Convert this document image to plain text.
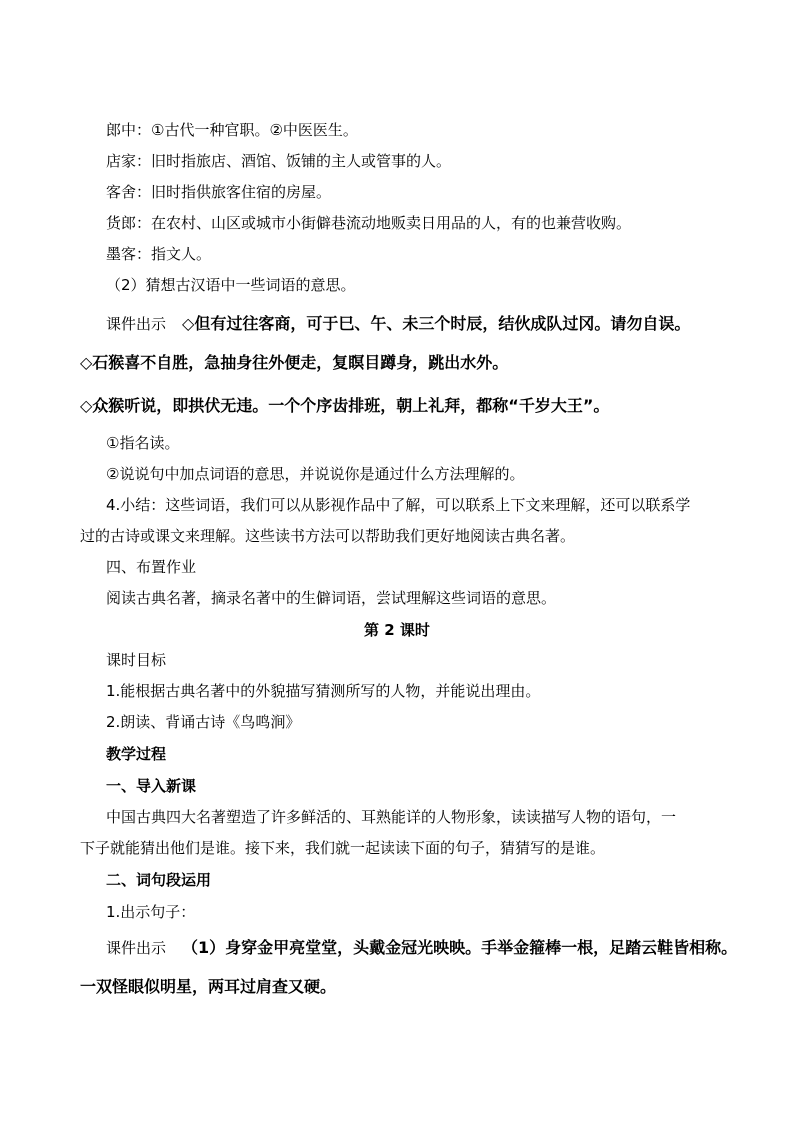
郎中：①古代一种官职。②中医医生。
店家：旧时指旅店、酒馆、饭铺的主人或管事的人。
客舍：旧时指供旅客住宿的房屋。
货郎：在农村、山区或城市小街僻巷流动地贩卖日用品的人，有的也兼营收购。
墨客：指文人。
（2）猜想古汉语中一些词语的意思。
课件出示 ◇但有过往客商，可于巳、午、未三个时辰，结伙成队过冈。请勿自误。
◇石猴喜不自胜，急抽身往外便走，复瞑目蹲身，跳出水外。
◇众猴听说，即拱伏无违。一个个序齿排班，朝上礼拜，都称“千岁大王”。
①指名读。
②说说句中加点词语的意思，并说说你是通过什么方法理解的。
4.小结：这些词语，我们可以从影视作品中了解，可以联系上下文来理解，还可以联系学
过的古诗或课文来理解。这些读书方法可以帮助我们更好地阅读古典名著。
四、布置作业
阅读古典名著，摘录名著中的生僻词语，尝试理解这些词语的意思。
第 2 课时
课时目标
1.能根据古典名著中的外貌描写猜测所写的人物，并能说出理由。
2.朗读、背诵古诗《鸟鸣涧》
教学过程
一、导入新课
中国古典四大名著塑造了许多鲜活的、耳熟能详的人物形象，读读描写人物的语句，一
下子就能猜出他们是谁。接下来，我们就一起读读下面的句子，猜猜写的是谁。
二、词句段运用
1.出示句子：
课件出示 （1）身穿金甲亮堂堂，头戴金冠光映映。手举金箍棒一根，足踏云鞋皆相称。
一双怪眼似明星，两耳过肩查又硬。
